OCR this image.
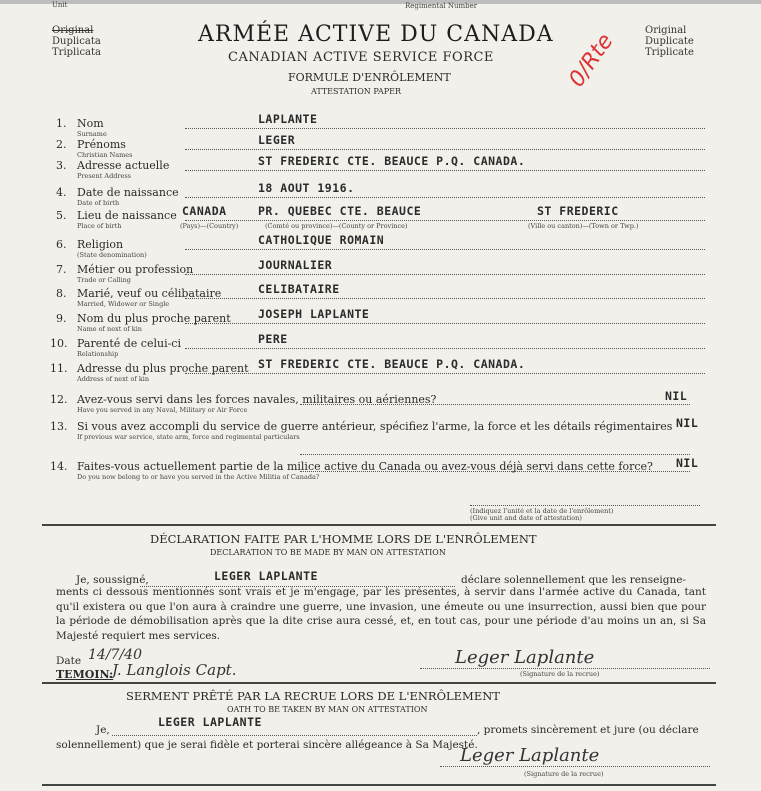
Unit	Regimental Number
Original
Duplicata
Triplicata
Original
Duplicate
Triplicate
ARMÉE ACTIVE DU CANADA
CANADIAN ACTIVE SERVICE FORCE
FORMULE D'ENRÔLEMENT
ATTESTATION PAPER	0/Rte
1. Nom
Surname
LAPLANTE
2. Prénoms
Christian Names
LEGER
3. Adresse actuelle
Present Address
ST FREDERIC CTE. BEAUCE P.Q. CANADA.
4. Date de naissance
Date of birth
18 AOUT 1916.
5. Lieu de naissance
Place of birth
CANADA	PR. QUEBEC CTE. BEAUCE	ST FREDERIC
(Pays)—(Country)	(Comté ou province)—(County or Province)	(Ville ou canton)—(Town or Twp.)
6. Religion
(State denomination)
CATHOLIQUE ROMAIN
7. Métier ou profession
Trade or Calling
JOURNALIER
8. Marié, veuf ou célibataire
Married, Widower or Single
CELIBATAIRE
9. Nom du plus proche parent
Name of next of kin
JOSEPH LAPLANTE
10. Parenté de celui-ci
Relationship
PERE
11. Adresse du plus proche parent
Address of next of kin
ST FREDERIC CTE. BEAUCE P.Q. CANADA.
12. Avez-vous servi dans les forces navales, militaires ou aériennes?
Have you served in any Naval, Military or Air Force
NIL
13. Si vous avez accompli du service de guerre antérieur, spécifiez l'arme, la force et les détails régimentaires
If previous war service, state arm, force and regimental particulars
NIL
14. Faites-vous actuellement partie de la milice active du Canada ou avez-vous déjà servi dans cette force?
Do you now belong to or have you served in the Active Militia of Canada?
NIL
(Indiquez l'unité et la date de l'enrôlement)
(Give unit and date of attestation)
DÉCLARATION FAITE PAR L'HOMME LORS DE L'ENRÔLEMENT
DECLARATION TO BE MADE BY MAN ON ATTESTATION
Je, soussigné,	LEGER LAPLANTE	déclare solennellement que les renseigne-
ments ci dessous mentionnés sont vrais et je m'engage, par les présentes, à servir dans l'armée active du Canada, tant qu'il existera ou que l'on aura à craindre une guerre, une invasion, une émeute ou une insurrection, aussi bien que pour la période de démobilisation après que la dite crise aura cessé, et, en tout cas, pour une période d'au moins un an, si Sa Majesté requiert mes services.
Date 14/7/40
TEMOIN:
J. Langlois Capt.
Leger Laplante
(Signature de la recrue)
SERMENT PRÊTÉ PAR LA RECRUE LORS DE L'ENRÔLEMENT
OATH TO BE TAKEN BY MAN ON ATTESTATION
Je,
LEGER LAPLANTE
, promets sincèrement et jure (ou déclare
solennellement) que je serai fidèle et porterai sincère allégeance à Sa Majesté.
Leger Laplante
(Signature de la recrue)
